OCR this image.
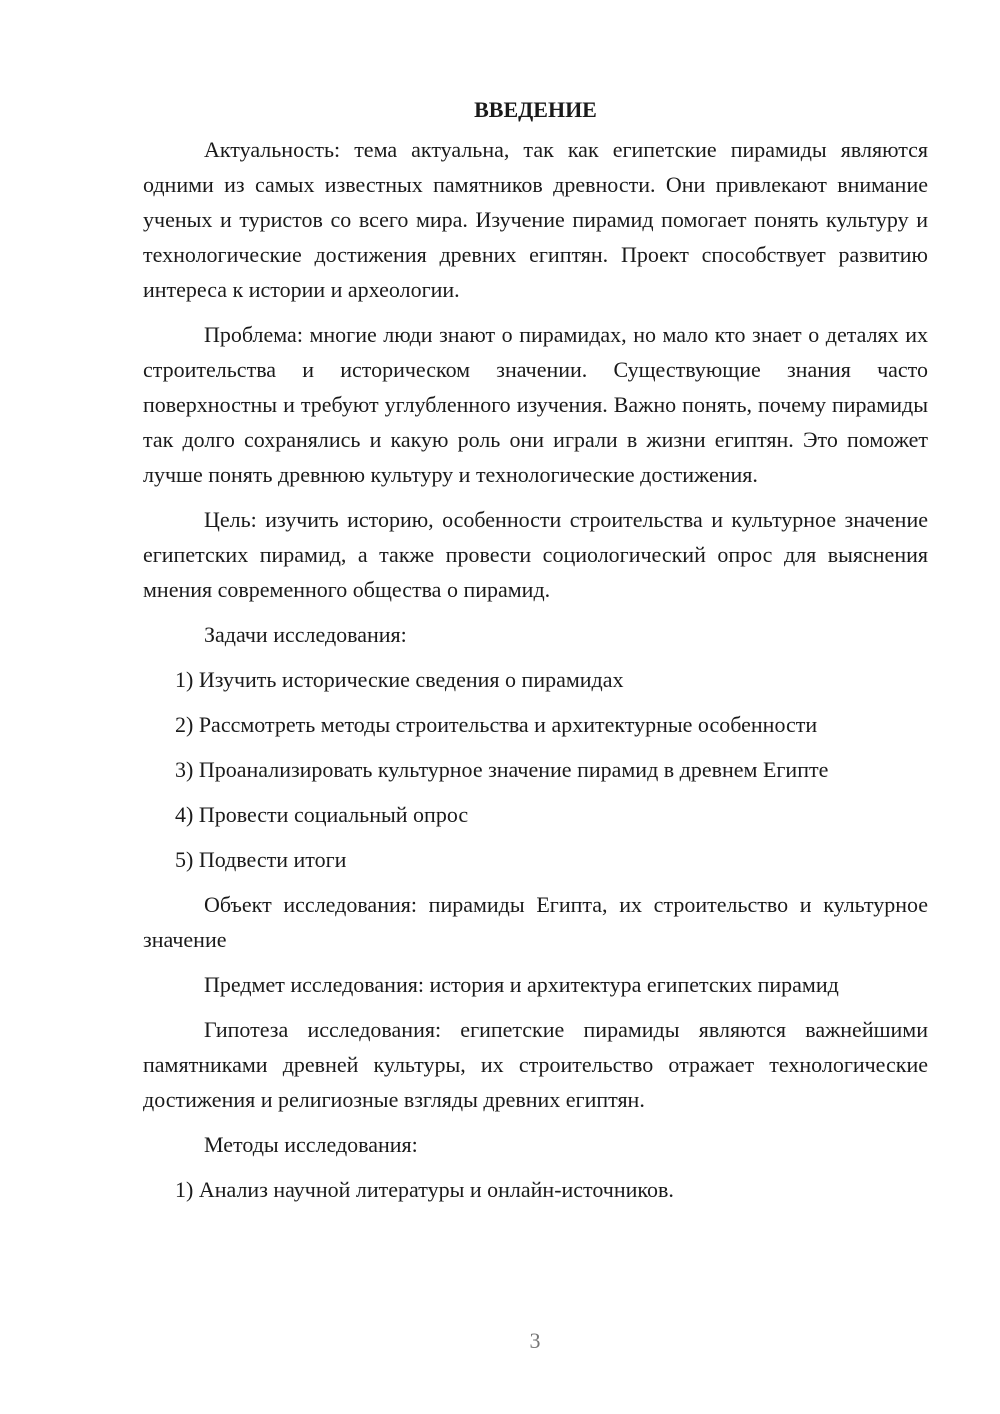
ВВЕДЕНИЕ

Актуальность: тема актуальна, так как египетские пирамиды являются одними из самых известных памятников древности. Они привлекают внимание ученых и туристов со всего мира. Изучение пирамид помогает понять культуру и технологические достижения древних египтян. Проект способствует развитию интереса к истории и археологии.

Проблема: многие люди знают о пирамидах, но мало кто знает о деталях их строительства и историческом значении. Существующие знания часто поверхностны и требуют углубленного изучения. Важно понять, почему пирамиды так долго сохранялись и какую роль они играли в жизни египтян. Это поможет лучше понять древнюю культуру и технологические достижения.

Цель: изучить историю, особенности строительства и культурное значение египетских пирамид, а также провести социологический опрос для выяснения мнения современного общества о пирамид.

Задачи исследования:

1) Изучить исторические сведения о пирамидах

2) Рассмотреть методы строительства и архитектурные особенности

3) Проанализировать культурное значение пирамид в древнем Египте

4) Провести социальный опрос

5) Подвести итоги

Объект исследования: пирамиды Египта, их строительство и культурное значение

Предмет исследования: история и архитектура египетских пирамид

Гипотеза исследования: египетские пирамиды являются важнейшими памятниками древней культуры, их строительство отражает технологические достижения и религиозные взгляды древних египтян.

Методы исследования:

1) Анализ научной литературы и онлайн-источников.

3
